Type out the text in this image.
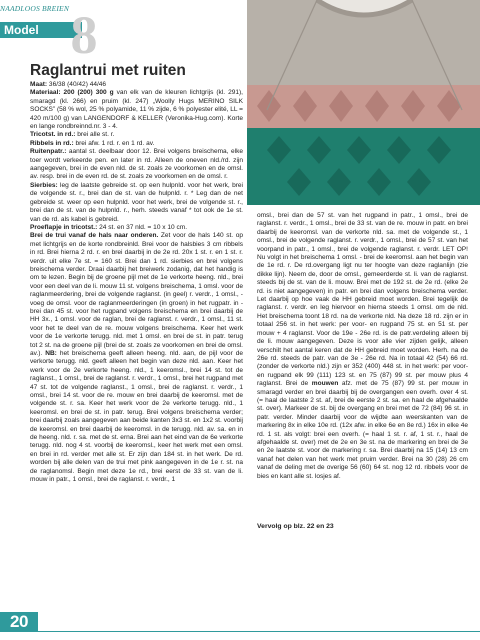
NAADLOOS BREIEN
Model 8
Raglantrui met ruiten

Maat: 36/38 (40/42) 44/46

Materiaal: 200 (200) 300 g van elk van de kleuren lichtgrijs (kl. 291), smaragd (kl. 266) en pruim (kl. 247) „Woolly Hugs MERINO SILK SOCKS” (58 % wol, 25 % polyamide, 11 % zijde, 6 % polyester elité, LL = 420 m/100 g) van LANGENDORF & KELLER (Veronika-Hug.com). Korte en lange rondbreinnd.nr. 3 - 4.

Tricotst. in rd.: brei alle st. r.

Ribbels in rd.: brei afw. 1 rd. r. en 1 rd. av.

Ruitenpatr.: aantal st. deelbaar door 12. Brei volgens breischema, elke toer wordt verkeerde pen. en later in rd. Alleen de oneven nld./rd. zijn aangegeven, brei in de even nld. de st. zoals ze voorkomen en de omsl. av. resp. brei in de even rd. de st. zoals ze voorkomen en de omsl. r.

Sierbies: leg de laatste gebreide st. op een hulpnld. voor het werk, brei de volgende st. r., brei dan de st. van de hulpnld. r. * Leg dan de net gebreide st. weer op een hulpnld. voor het werk, brei de volgende st. r., brei dan de st. van de hulpnld. r., herh. steeds vanaf * tot ook de 1e st. van de rd. als kabel is gebreid.

Proeflapje in tricotst.: 24 st. en 37 nld. = 10 x 10 cm.

Brei de trui vanaf de hals naar onderen. Zet voor de hals 140 st. op met lichtgrijs en de korte rondbreinld. Brei voor de halsbies 3 cm ribbels in rd. Brei hierna 2 rd. r. en brei daarbij in de 2e rd. 20x 1 st. r. en 1 st. r. verdr. uit elke 7e st. = 160 st. Brei dan 1 rd. sierbies en brei volgens breischema verder. Draai daarbij het breiwerk zodanig, dat het handig is om te lezen. Begin bij de groene pijl met de 1e verkorte heeng. nld., brei voor een deel van de li. mouw 11 st. volgens breischema, 1 omsl. voor de raglanmeerdering, brei de volgende raglanst. (in geel) r. verdr., 1 omsl., - voeg de omsl. voor de raglanmeerderingen (in groen) in het rugpatr. in - brei dan 45 st. voor het rugpand volgens breischema en brei daarbij de HH 3x., 1 omsl. voor de raglan, brei de raglanst. r. verdr., 1 omsl., 11 st. voor het te deel van de re. mouw volgens breischema. Keer het werk voor de 1e verkorte terugg. nld. met 1 omsl. en brei de st. in patr. terug tot 2 st. na de groene pijl (brei de st. zoals ze voorkomen en brei de omsl. av.). NB: het breischema geeft alleen heeng. nld. aan, de pijl voor de verkorte terugg. nld. geeft alleen het begin van deze nld. aan. Keer het werk voor de 2e verkorte heeng. nld., 1 keeromsl., brei 14 st. tot de raglanst., 1 omsl., brei de raglanst. r. verdr., 1 omsl., brei het rugpand met 47 st. tot de volgende raglanst., 1 omsl., brei de raglanst. r. verdr., 1 omsl., brei 14 st. voor de re. mouw en brei daarbij de keeromsl. met de volgende st. r. sa. Keer het werk voor de 2e verkorte terugg. nld., 1 keeromsl. en brei de st. in patr. terug. Brei volgens breischema verder; brei daarbij zoals aangegeven aan beide kanten 3x3 st. en 1x2 st. voorbij de keeromsl. en brei daarbij de keeromsl. in de terugg. nld. av. sa. en in de heeng. nld. r. sa. met de st. erna. Brei aan het eind van de 6e verkorte terugg. nld. nog 4 st. voorbij de keeromsl., keer het werk met een omsl. en brei in rd. verder met alle st. Er zijn dan 184 st. in het werk. De rd. worden bij alle delen van de trui met pink aangegeven in de 1e r. st. na de raglanomsl. Begin met deze 1e rd., brei eerst de 33 st. van de li. mouw in patr., 1 omsl., brei de raglanst. r. verdr., 1

omsl., brei dan de 57 st. van het rugpand in patr., 1 omsl., brei de raglanst. r. verdr., 1 omsl., brei de 33 st. van de re. mouw in patr. en brei daarbij de keeromsl. van de verkorte nld. sa. met de volgende st., 1 omsl., brei de volgende raglanst. r. verdr., 1 omsl., brei de 57 st. van het voorpand in patr., 1 omsl., brei de volgende raglanst. r. verdr. LET OP! Nu volgt in het breischema 1 omsl. - brei de keeromsl. aan het begin van de 1e rd. r. De rd.overgang ligt nu ter hoogte van deze raglanlijn (zie dikke lijn). Neem de, door de omsl., gemeerderde st. li. van de raglanst. steeds bij de st. van de li. mouw. Brei met de 192 st. de 2e rd. (elke 2e rd. is niet aangegeven) in patr. en brei dan volgens breischema verder. Let daarbij op hoe vaak de HH gebreid moet worden. Brei tegelijk de raglanst. r. verdr. en leg hiervoor en hierna steeds 1 omsl. om de nld. Het breischema toont 18 rd. na de verkorte nld. Na deze 18 rd. zijn er in totaal 256 st. in het werk: per voor- en rugpand 75 st. en 51 st. per mouw + 4 raglanst. Voor de 19e - 26e rd. is de patr.verdeling alleen bij de li. mouw aangegeven. Deze is voor alle vier zijden gelijk, alleen verschilt het aantal keren dat de HH gebreid moet worden. Herh. na de 26e rd. steeds de patr. van de 3e - 26e rd. Na in totaal 42 (54) 66 rd. (zonder de verkorte nld.) zijn er 352 (400) 448 st. in het werk: per voor- en rugpand elk 99 (111) 123 st. en 75 (87) 99 st. per mouw plus 4 raglanst. Brei de mouwen afz. met de 75 (87) 99 st. per mouw in smaragd verder en brei daarbij bij de overgangen een overh. over 4 st. (= haal de laatste 2 st. af, brei de eerste 2 st. sa. en haal de afgehaalde st. over). Markeer de st. bij de overgang en brei met de 72 (84) 96 st. in patr. verder. Minder daarbij voor de wijdte aan weerskanten van de markering 8x in elke 10e rd. (12x afw. in elke 6e en 8e rd.) 16x in elke 4e rd. 1 st. als volgt: brei een overh. (= haal 1 st. r. af, 1 st. r., haal de afgehaalde st. over) met de 2e en 3e st. na de markering en brei de 3e en 2e laatste st. voor de markering r. sa. Brei daarbij na 15 (14) 13 cm vanaf het delen van het werk met pruim verder. Brei na 30 (28) 26 cm vanaf de deling met de overige 56 (60) 64 st. nog 12 rd. ribbels voor de bies en kant alle st. losjes af.

Vervolg op blz. 22 en 23
20
